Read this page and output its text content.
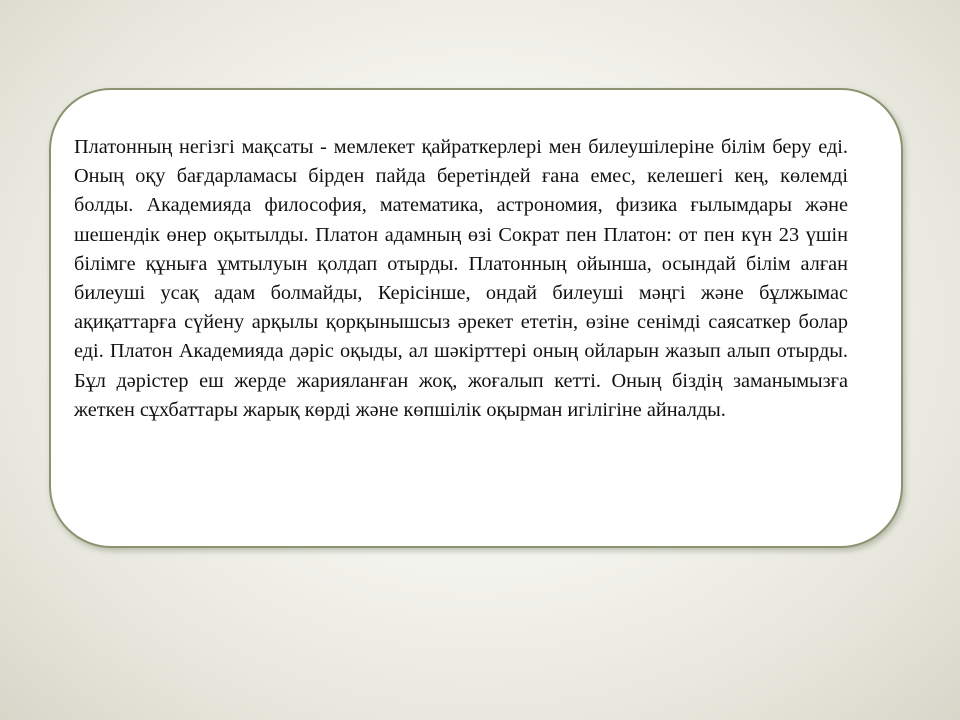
Платонның негізгі мақсаты - мемлекет қайраткерлері мен билеушілеріне білім беру еді. Оның оқу бағдарламасы бірден пайда беретіндей ғана емес, келешегі кең, көлемді болды. Академияда философия, математика, астрономия, физика ғылымдары және шешендік өнер оқытылды. Платон адамның өзі Сократ пен Платон: от пен күн 23 үшін білімге құнығa ұмтылуын қолдап отырды. Платонның ойынша, осындай білім алған билеуші усақ адам болмайды, Керісінше, ондай билеуші мәңгі және бұлжымас ақиқаттарға сүйену арқылы қорқынышсыз әрекет ететін, өзіне сенімді саясаткер болар еді. Платон Академияда дәріс оқыды, ал шәкірттері оның ойларын жазып алып отырды. Бұл дәрістер еш жерде жарияланған жоқ, жоғалып кетті. Оның біздің заманымызға жеткен сұхбаттары жарық көрді және көпшілік оқырман игілігіне айналды.
